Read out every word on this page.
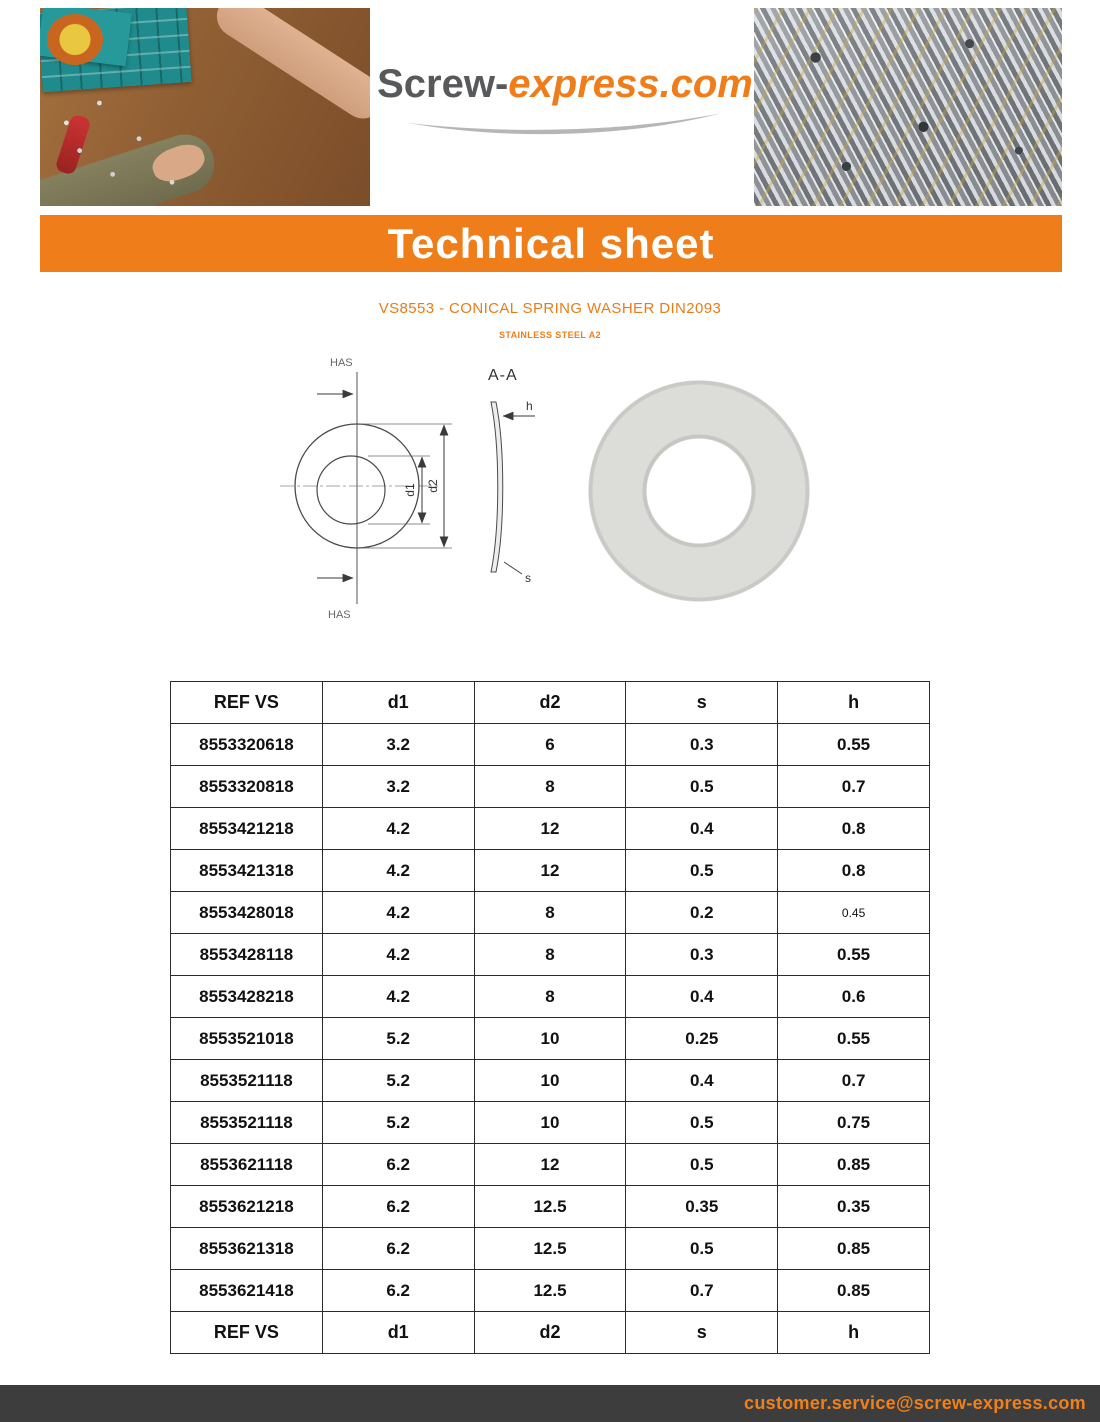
Screw-express.com
Technical sheet
VS8553 - CONICAL SPRING WASHER DIN2093
STAINLESS STEEL A2
HAS
HAS
d1 d2
A-A
h
s
REF VS	d1	d2	s	h
8553320618	3.2	6	0.3	0.55
8553320818	3.2	8	0.5	0.7
8553421218	4.2	12	0.4	0.8
8553421318	4.2	12	0.5	0.8
8553428018	4.2	8	0.2	0.45
8553428118	4.2	8	0.3	0.55
8553428218	4.2	8	0.4	0.6
8553521018	5.2	10	0.25	0.55
8553521118	5.2	10	0.4	0.7
8553521118	5.2	10	0.5	0.75
8553621118	6.2	12	0.5	0.85
8553621218	6.2	12.5	0.35	0.35
8553621318	6.2	12.5	0.5	0.85
8553621418	6.2	12.5	0.7	0.85
REF VS	d1	d2	s	h
customer.service@screw-express.com
